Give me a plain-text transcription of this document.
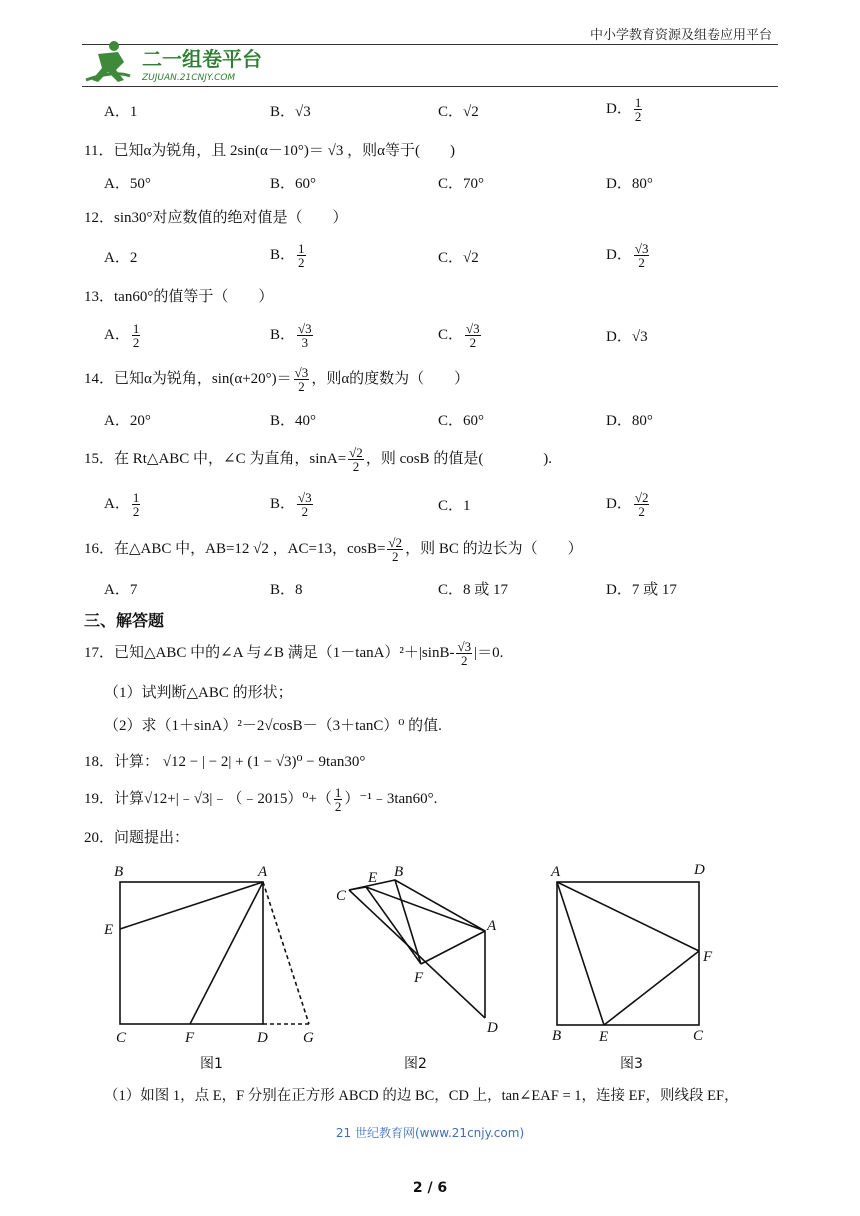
中小学教育资源及组卷应用平台
二一组卷平台
ZUJUAN.21CNJY.COM
A．1	B．√3	C．√2	D． $\frac{1}{2}$
11．已知α为锐角，且 2sin(α－10°)＝ √3 ，则α等于(　　)
A．50°	B．60°	C．70°	D．80°
12．sin30°对应数值的绝对值是（　　）
A．2	B． $\frac{1}{2}$	C．√2	D． $\frac{√3}{2}$
13．tan60°的值等于（　　）
A． $\frac{1}{2}$	B． $\frac{√3}{3}$	C． $\frac{√3}{2}$	D．√3
14．已知α为锐角，$\sin(\alpha+20^\circ)= \frac{√3}{2}$ ，则α的度数为（　　）
A．20°	B．40°	C．60°	D．80°
15．在 Rt△ABC 中，∠C 为直角，$\sin A= \frac{√2}{2}$ ，则 cosB 的值是(　　　　).
A． $\frac{1}{2}$	B． $\frac{√3}{2}$	C．1	D． $\frac{√2}{2}$
16．在△ABC 中，AB=12 √2 ，AC=13，$\cos B= \frac{√2}{2}$ ，则 BC 的边长为（　　）
A．7	B．8	C．8 或 17	D．7 或 17
三、解答题
17．已知△ABC 中的∠A 与∠B 满足$(1-\tan A)^2+|\sin B- \frac{√3}{2} |=0$.
（1）试判断△ABC 的形状；
（2）求（1＋sinA）²－2√cosB－（3＋tanC）⁰ 的值.
18．计算： √12 − | − 2| + (1 − √3)⁰ − 9tan30°
19．计算√12+|﹣√3|﹣（﹣2015）⁰+（ $\frac{1}{2}$ ）⁻¹﹣3tan60°.
20．问题提出：
B	A
E
C	F	D G
E B
C
A
F
D
A	D
F
B	E	C
图1	图2	图3
（1）如图 1，点 E，F 分别在正方形 ABCD 的边 BC，CD 上，tan∠EAF = 1，连接 EF，则线段 EF，
21 世纪教育网(www.21cnjy.com)
2 / 6
